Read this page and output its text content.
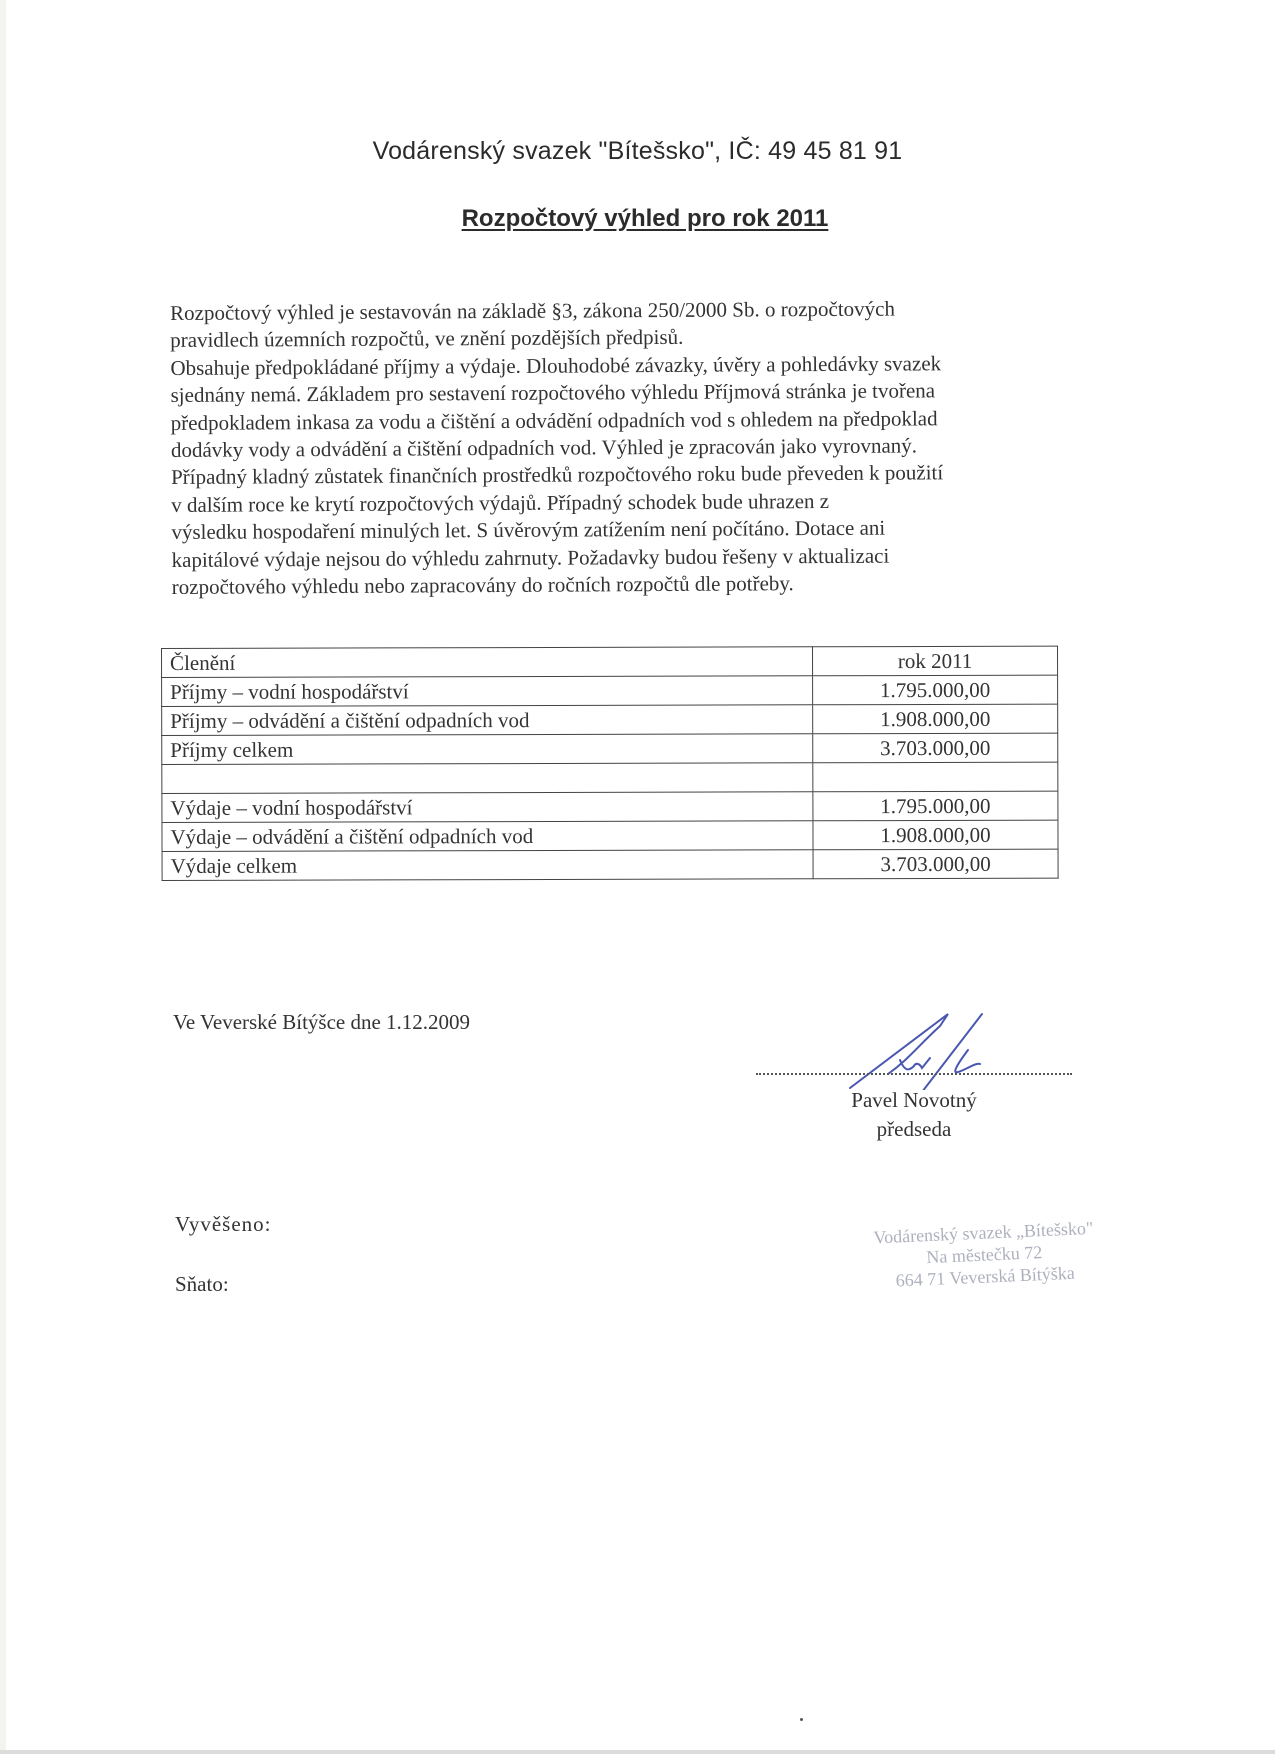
Vodárenský svazek "Bítešsko", IČ: 49 45 81 91
Rozpočtový výhled pro rok 2011

Rozpočtový výhled je sestavován na základě §3, zákona 250/2000 Sb. o rozpočtových

pravidlech územních rozpočtů, ve znění pozdějších předpisů.

Obsahuje předpokládané příjmy a výdaje. Dlouhodobé závazky, úvěry a pohledávky svazek

sjednány nemá. Základem pro sestavení rozpočtového výhledu Příjmová stránka je tvořena

předpokladem inkasa za vodu a čištění a odvádění odpadních vod s ohledem na předpoklad

dodávky vody a odvádění a čištění odpadních vod. Výhled je zpracován jako vyrovnaný.

Případný kladný zůstatek finančních prostředků rozpočtového roku bude převeden k použití

v dalším roce ke krytí rozpočtových výdajů. Případný schodek bude uhrazen z

výsledku hospodaření minulých let. S úvěrovým zatížením není počítáno. Dotace ani

kapitálové výdaje nejsou do výhledu zahrnuty. Požadavky budou řešeny v aktualizaci

rozpočtového výhledu nebo zapracovány do ročních rozpočtů dle potřeby.

Členění	rok 2011
Příjmy – vodní hospodářství	1.795.000,00
Příjmy – odvádění a čištění odpadních vod	1.908.000,00
Příjmy celkem	3.703.000,00

Výdaje – vodní hospodářství	1.795.000,00
Výdaje – odvádění a čištění odpadních vod	1.908.000,00
Výdaje celkem	3.703.000,00
Ve Veverské Bítýšce dne 1.12.2009
Pavel Novotný
předseda
Vyvěšeno:
Sňato:
Vodárenský svazek „Bítešsko"
Na městečku 72
664 71 Veverská Bítýška
